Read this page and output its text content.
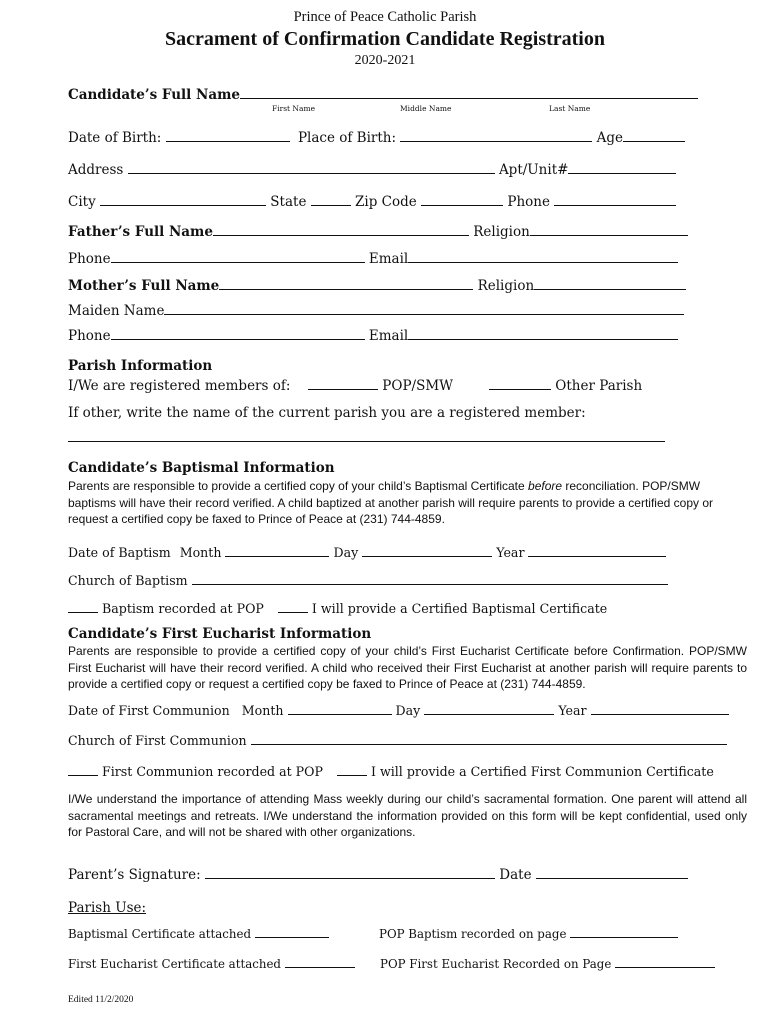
Prince of Peace Catholic Parish
Sacrament of Confirmation Candidate Registration
2020-2021
Candidate’s Full Name
First Name	Middle Name	Last Name
Date of Birth:	Place of Birth:	Age
Address	Apt/Unit#
City	State	Zip Code	Phone
Father’s Full Name	Religion
Phone	Email
Mother’s Full Name	Religion
Maiden Name
Phone	Email
Parish Information
I/We are registered members of:	POP/SMW	Other Parish
If other, write the name of the current parish you are a registered member:
Candidate’s Baptismal Information
Parents are responsible to provide a certified copy of your child’s Baptismal Certificate before reconciliation. POP/SMW baptisms will have their record verified. A child baptized at another parish will require parents to provide a certified copy or request a certified copy be faxed to Prince of Peace at (231) 744-4859.
Date of Baptism Month	Day	Year
Church of Baptism
Baptism recorded at POP	I will provide a Certified Baptismal Certificate
Candidate’s First Eucharist Information
Parents are responsible to provide a certified copy of your child’s First Eucharist Certificate before Confirmation. POP/SMW First Eucharist will have their record verified. A child who received their First Eucharist at another parish will require parents to provide a certified copy or request a certified copy be faxed to Prince of Peace at (231) 744-4859.
Date of First Communion Month	Day	Year
Church of First Communion
First Communion recorded at POP	I will provide a Certified First Communion Certificate
I/We understand the importance of attending Mass weekly during our child’s sacramental formation. One parent will attend all sacramental meetings and retreats. I/We understand the information provided on this form will be kept confidential, used only for Pastoral Care, and will not be shared with other organizations.
Parent’s Signature:	Date
Parish Use:
Baptismal Certificate attached	POP Baptism recorded on page
First Eucharist Certificate attached	POP First Eucharist Recorded on Page
Edited 11/2/2020
